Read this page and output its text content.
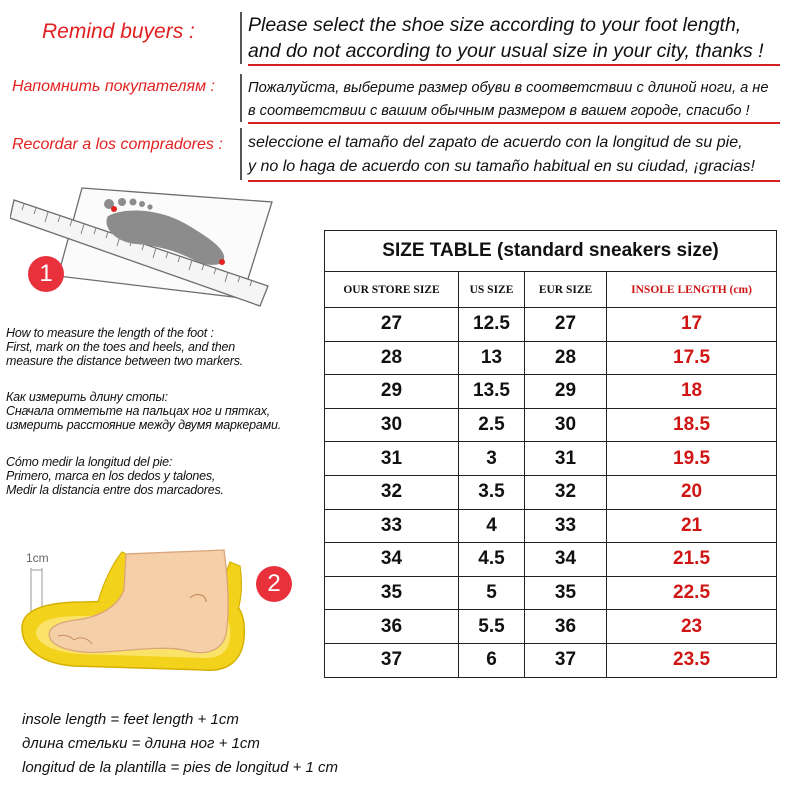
Remind buyers :	Please select the shoe size according to your foot length,
and do not according to your usual size in your city, thanks !
Напомнить покупателям : Пожалуйста, выберите размер обуви в соответствии с длиной ноги, а не
в соответствии с вашим обычным размером в вашем городе, спасибо !
Recordar a los compradores : seleccione el tamaño del zapato de acuerdo con la longitud de su pie,
y no lo haga de acuerdo con su tamaño habitual en su ciudad, ¡gracias!
1
How to measure the length of the foot :
First, mark on the toes and heels, and then
measure the distance between two markers.
Как измерить длину стопы:
Сначала отметьте на пальцах ног и пятках,
измерить расстояние между двумя маркерами.
Cómo medir la longitud del pie:
Primero, marca en los dedos y talones,
Medir la distancia entre dos marcadores.
1cm
2
insole length = feet length + 1cm
длина стельки = длина ног + 1cm
longitud de la plantilla = pies de longitud + 1 cm
SIZE TABLE (standard sneakers size)			
OUR STORE SIZE	US SIZE	EUR SIZE	INSOLE LENGTH (cm)
27	12.5	27	17
28	13	28	17.5
29	13.5	29	18
30	2.5	30	18.5
31	3	31	19.5
32	3.5	32	20
33	4	33	21
34	4.5	34	21.5
35	5	35	22.5
36	5.5	36	23
37	6	37	23.5
